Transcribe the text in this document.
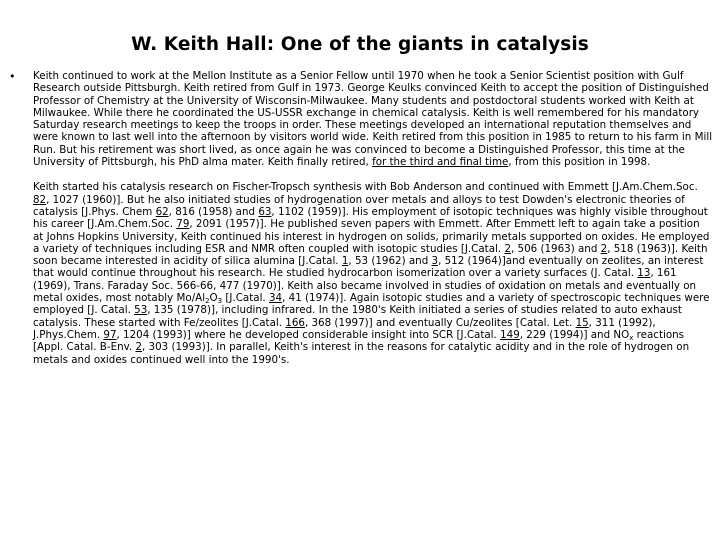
W. Keith Hall: One of the giants in catalysis
• Keith continued to work at the Mellon Institute as a Senior Fellow until 1970 when he took a Senior Scientist position with Gulf Research outside Pittsburgh. Keith retired from Gulf in 1973. George Keulks convinced Keith to accept the position of Distinguished Professor of Chemistry at the University of Wisconsin-Milwaukee. Many students and postdoctoral students worked with Keith at Milwaukee. While there he coordinated the US-USSR exchange in chemical catalysis. Keith is well remembered for his mandatory Saturday research meetings to keep the troops in order. These meetings developed an international reputation themselves and were known to last well into the afternoon by visitors world wide. Keith retired from this position in 1985 to return to his farm in Mill Run. But his retirement was short lived, as once again he was convinced to become a Distinguished Professor, this time at the University of Pittsburgh, his PhD alma mater. Keith finally retired, for the third and final time, from this position in 1998.

Keith started his catalysis research on Fischer-Tropsch synthesis with Bob Anderson and continued with Emmett [J.Am.Chem.Soc. 82, 1027 (1960)]. But he also initiated studies of hydrogenation over metals and alloys to test Dowden's electronic theories of catalysis [J.Phys. Chem 62, 816 (1958) and 63, 1102 (1959)]. His employment of isotopic techniques was highly visible throughout his career [J.Am.Chem.Soc. 79, 2091 (1957)]. He published seven papers with Emmett. After Emmett left to again take a position at Johns Hopkins University, Keith continued his interest in hydrogen on solids, primarily metals supported on oxides. He employed a variety of techniques including ESR and NMR often coupled with isotopic studies [J.Catal. 2, 506 (1963) and 2, 518 (1963)]. Keith soon became interested in acidity of silica alumina [J.Catal. 1, 53 (1962) and 3, 512 (1964)]and eventually on zeolites, an interest that would continue throughout his research. He studied hydrocarbon isomerization over a variety surfaces (J. Catal. 13, 161 (1969), Trans. Faraday Soc. 566-66, 477 (1970)]. Keith also became involved in studies of oxidation on metals and eventually on metal oxides, most notably $Mo/Al_2O_3$ [J.Catal. 34, 41 (1974)]. Again isotopic studies and a variety of spectroscopic techniques were employed [J. Catal. 53, 135 (1978)], including infrared. In the 1980's Keith initiated a series of studies related to auto exhaust catalysis. These started with Fe/zeolites [J.Catal. 166, 368 (1997)] and eventually Cu/zeolites [Catal. Let. 15, 311 (1992), J.Phys.Chem. 97, 1204 (1993)] where he developed considerable insight into SCR [J.Catal. 149, 229 (1994)] and $NO_x$ reactions [Appl. Catal. B-Env. 2, 303 (1993)]. In parallel, Keith's interest in the reasons for catalytic acidity and in the role of hydrogen on metals and oxides continued well into the 1990's.
